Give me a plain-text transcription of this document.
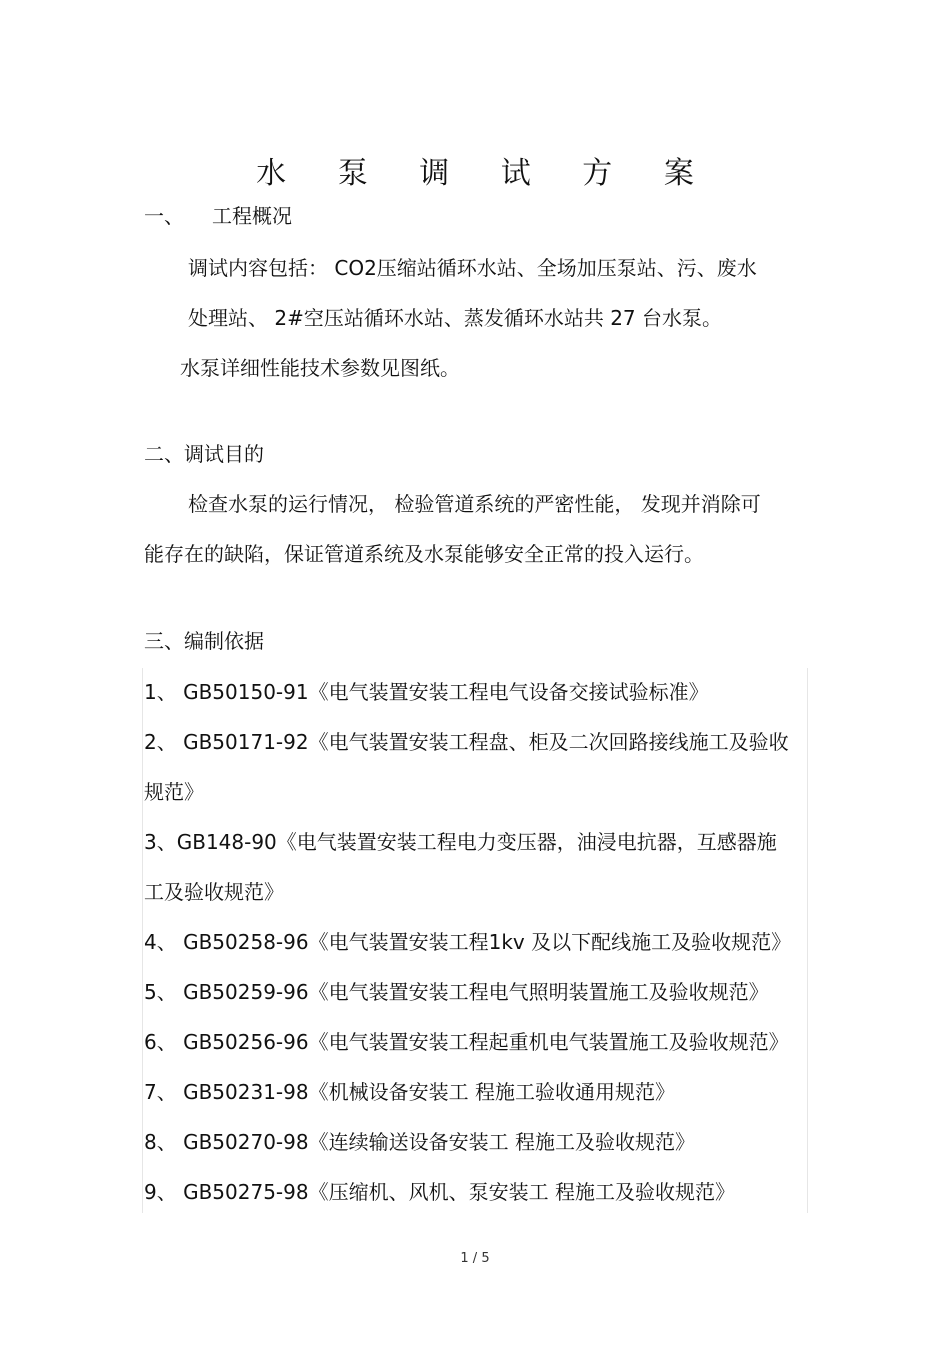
水 泵 调 试 方 案
一、 工程概况
调试内容包括： CO2压缩站循环水站、全场加压泵站、污、废水
处理站、 2#空压站循环水站、蒸发循环水站共 27 台水泵。
水泵详细性能技术参数见图纸。
二、调试目的
检查水泵的运行情况， 检验管道系统的严密性能， 发现并消除可
能存在的缺陷，保证管道系统及水泵能够安全正常的投入运行。
三、编制依据
1、 GB50150-91《电气装置安装工程电气设备交接试验标准》
2、 GB50171-92《电气装置安装工程盘、柜及二次回路接线施工及验收
规范》
3、GB148-90《电气装置安装工程电力变压器，油浸电抗器，互感器施
工及验收规范》
4、 GB50258-96《电气装置安装工程1kv 及以下配线施工及验收规范》
5、 GB50259-96《电气装置安装工程电气照明装置施工及验收规范》
6、 GB50256-96《电气装置安装工程起重机电气装置施工及验收规范》
7、 GB50231-98《机械设备安装工 程施工验收通用规范》
8、 GB50270-98《连续输送设备安装工 程施工及验收规范》
9、 GB50275-98《压缩机、风机、泵安装工 程施工及验收规范》
1 / 5
